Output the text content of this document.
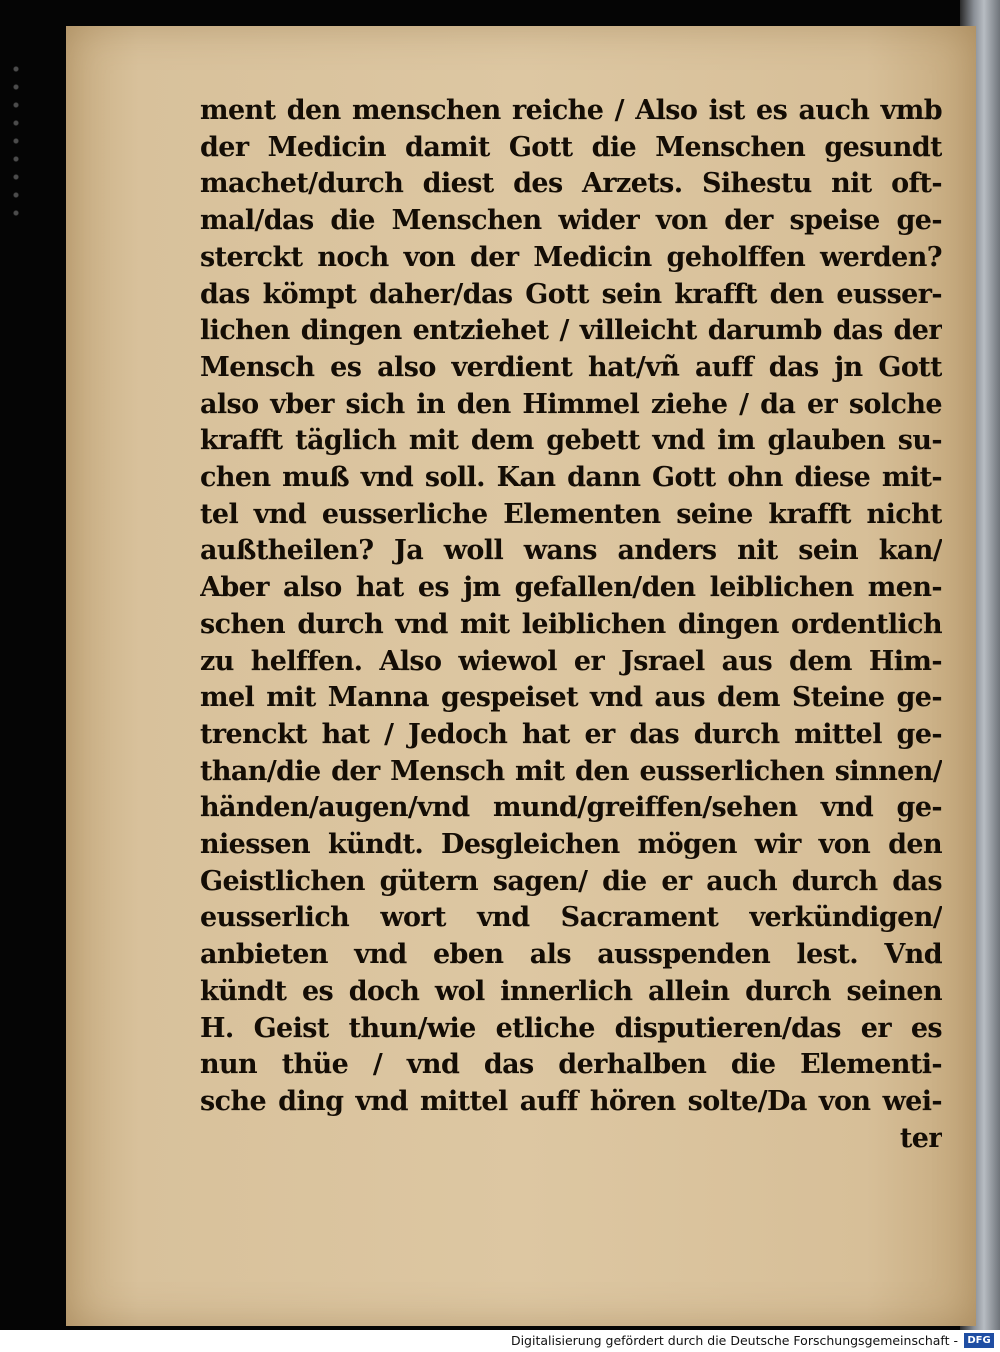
ment den menschen reiche / Also ist es auch vmb
der Medicin damit Gott die Menschen gesundt
machet/durch diest des Arzets. Sihestu nit oft-
mal/das die Menschen wider von der speise ge-
sterckt noch von der Medicin geholffen werden?
das kömpt daher/das Gott sein krafft den eusser-
lichen dingen entziehet / villeicht darumb das der
Mensch es also verdient hat/vñ auff das jn Gott
also vber sich in den Himmel ziehe / da er solche
krafft täglich mit dem gebett vnd im glauben su-
chen muß vnd soll. Kan dann Gott ohn diese mit-
tel vnd eusserliche Elementen seine krafft nicht
außtheilen? Ja woll wans anders nit sein kan/
Aber also hat es jm gefallen/den leiblichen men-
schen durch vnd mit leiblichen dingen ordentlich
zu helffen. Also wiewol er Jsrael aus dem Him-
mel mit Manna gespeiset vnd aus dem Steine ge-
trenckt hat / Jedoch hat er das durch mittel ge-
than/die der Mensch mit den eusserlichen sinnen/
händen/augen/vnd mund/greiffen/sehen vnd ge-
niessen kündt. Desgleichen mögen wir von den
Geistlichen gütern sagen/ die er auch durch das
eusserlich wort vnd Sacrament verkündigen/
anbieten vnd eben als ausspenden lest. Vnd
kündt es doch wol innerlich allein durch seinen
H. Geist thun/wie etliche disputieren/das er es
nun thüe / vnd das derhalben die Elementi-
sche ding vnd mittel auff hören solte/Da von wei-
ter
Digitalisierung gefördert durch die Deutsche Forschungsgemeinschaft - DFG
